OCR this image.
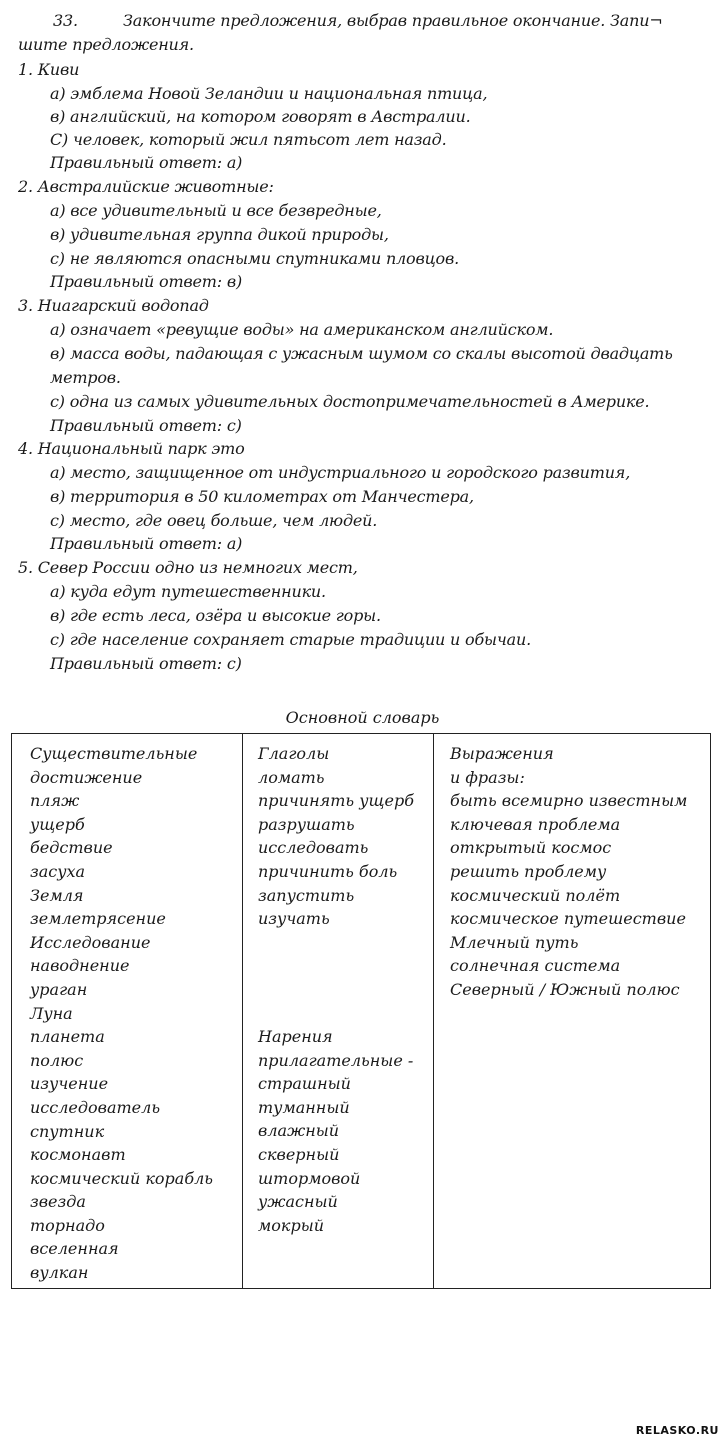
33.	Закончите предложения, выбрав правильное окончание. Запи¬
шите предложения.
1. Киви
а) эмблема Новой Зеландии и национальная птица,
в) английский, на котором говорят в Австралии.
С) человек, который жил пятьсот лет назад.
Правильный ответ: а)
2. Австралийские животные:
а) все удивительный и все безвредные,
в) удивительная группа дикой природы,
с) не являются опасными спутниками пловцов.
Правильный ответ: в)
3. Ниагарский водопад
а) означает «ревущие воды» на американском английском.
в) масса воды, падающая с ужасным шумом со скалы высотой двадцать
метров.
с) одна из самых удивительных достопримечательностей в Америке.
Правильный ответ: с)
4. Национальный парк это
а) место, защищенное от индустриального и городского развития,
в) территория в 50 километрах от Манчестера,
с) место, где овец больше, чем людей.
Правильный ответ: а)
5. Север России одно из немногих мест,
а) куда едут путешественники.
в) где есть леса, озёра и высокие горы.
с) где население сохраняет старые традиции и обычаи.
Правильный ответ: с)
Основной словарь
Существительные
достижение
пляж
ущерб
бедствие
засуха
Земля
землетрясение
Исследование
наводнение
ураган
Луна
планета
полюс
изучение
исследователь
спутник
космонавт
космический корабль
звезда
торнадо
вселенная
вулкан
Глаголы
ломать
причинять ущерб
разрушать
исследовать
причинить боль
запустить
изучать
Нарения
прилагательные -
страшный
туманный
влажный
скверный
штормовой
ужасный
мокрый
Выражения
и фразы:
быть всемирно известным
ключевая проблема
открытый космос
решить проблему
космический полёт
космическое путешествие
Млечный путь
солнечная система
Северный / Южный полюс
RELASKO.RU
